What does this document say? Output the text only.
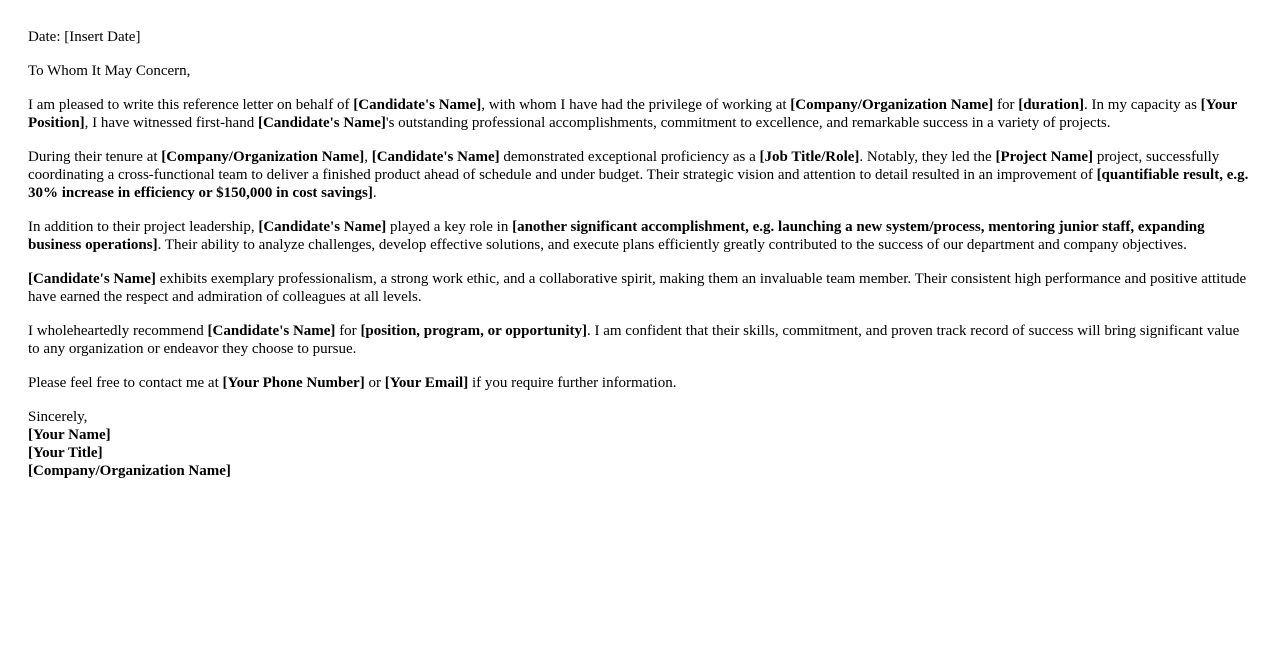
Date: [Insert Date]

To Whom It May Concern,

I am pleased to write this reference letter on behalf of [Candidate's Name], with whom I have had the privilege of working at [Company/Organization Name] for [duration]. In my capacity as [Your Position], I have witnessed first-hand [Candidate's Name]'s outstanding professional accomplishments, commitment to excellence, and remarkable success in a variety of projects.

During their tenure at [Company/Organization Name], [Candidate's Name] demonstrated exceptional proficiency as a [Job Title/Role]. Notably, they led the [Project Name] project, successfully coordinating a cross-functional team to deliver a finished product ahead of schedule and under budget. Their strategic vision and attention to detail resulted in an improvement of [quantifiable result, e.g. 30% increase in efficiency or $150,000 in cost savings].

In addition to their project leadership, [Candidate's Name] played a key role in [another significant accomplishment, e.g. launching a new system/process, mentoring junior staff, expanding business operations]. Their ability to analyze challenges, develop effective solutions, and execute plans efficiently greatly contributed to the success of our department and company objectives.

[Candidate's Name] exhibits exemplary professionalism, a strong work ethic, and a collaborative spirit, making them an invaluable team member. Their consistent high performance and positive attitude have earned the respect and admiration of colleagues at all levels.

I wholeheartedly recommend [Candidate's Name] for [position, program, or opportunity]. I am confident that their skills, commitment, and proven track record of success will bring significant value to any organization or endeavor they choose to pursue.

Please feel free to contact me at [Your Phone Number] or [Your Email] if you require further information.

Sincerely,
[Your Name]
[Your Title]
[Company/Organization Name]
